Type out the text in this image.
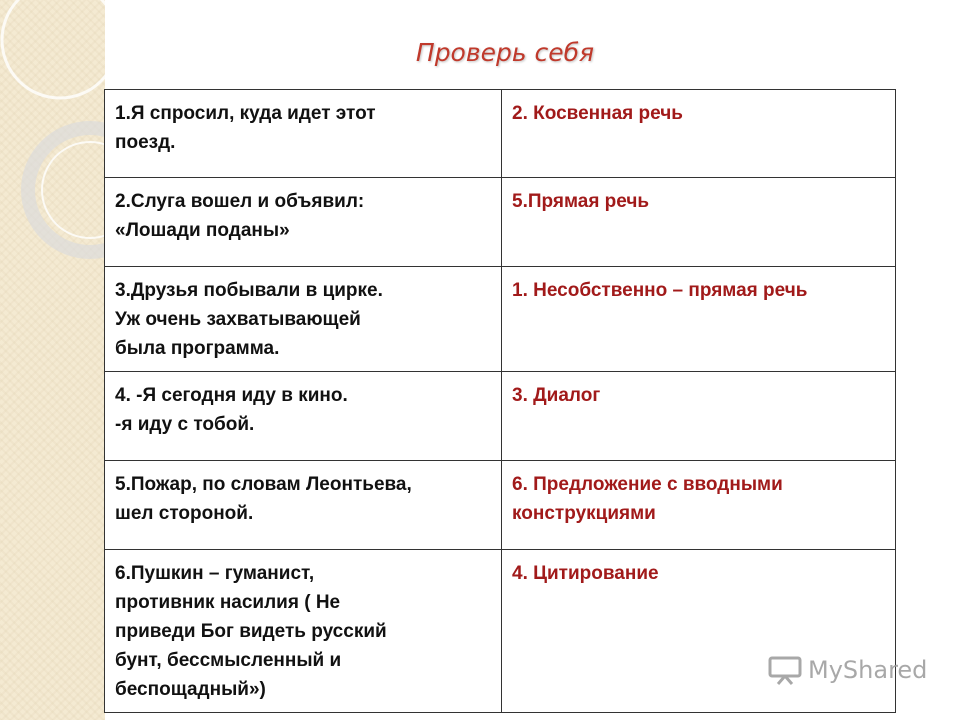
Проверь себя
1.Я спросил, куда идет этот
поезд.	2. Косвенная речь
2.Слуга вошел и объявил:
«Лошади поданы»	5.Прямая речь
3.Друзья побывали в цирке.
Уж очень захватывающей
была программа.	1. Несобственно – прямая речь
4. -Я сегодня иду в кино.
-я иду с тобой.	3. Диалог
5.Пожар, по словам Леонтьева,
шел стороной.	6. Предложение с вводными
конструкциями
6.Пушкин – гуманист,
противник насилия ( Не
приведи Бог видеть русский
бунт, бессмысленный и
беспощадный»)	4. Цитирование
MyShared
